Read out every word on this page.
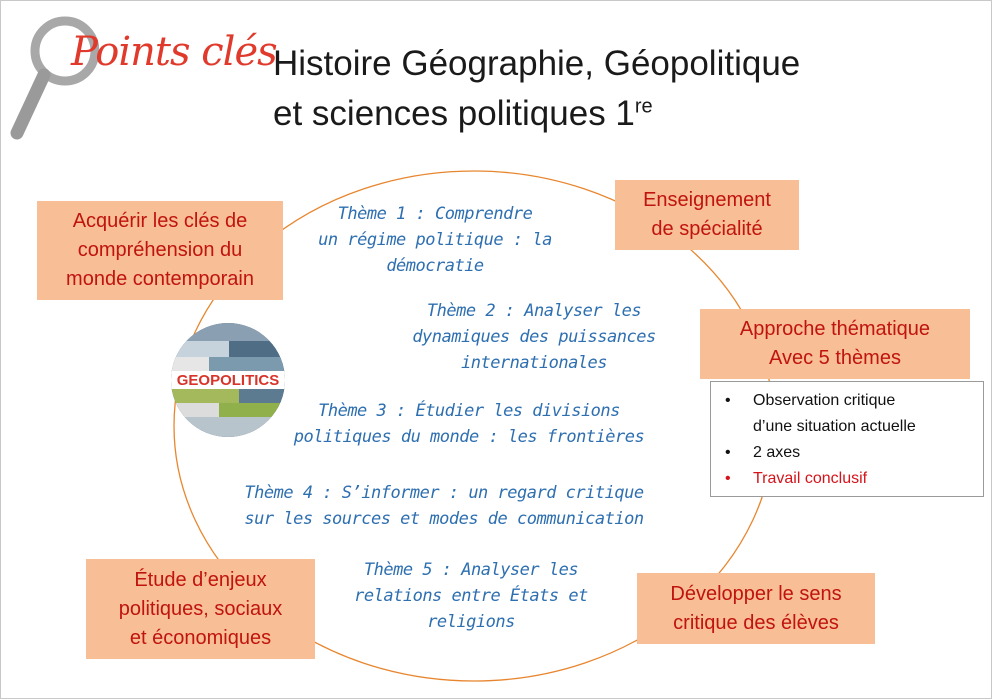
Points clés
Histoire Géographie, Géopolitique
et sciences politiques 1re
GEOPOLITICS
Thème 1 : Comprendre
un régime politique : la
démocratie
Thème 2 : Analyser les
dynamiques des puissances
internationales
Thème 3 : Étudier les divisions
politiques du monde : les frontières
Thème 4 : S’informer : un regard critique
sur les sources et modes de communication
Thème 5 : Analyser les
relations entre États et
religions
Acquérir les clés de
compréhension du
monde contemporain
Enseignement
de spécialité
Approche thématique
Avec 5 thèmes
Étude d’enjeux
politiques, sociaux
et économiques
Développer le sens
critique des élèves
• Observation critique
d’une situation actuelle
• 2 axes
• Travail conclusif
